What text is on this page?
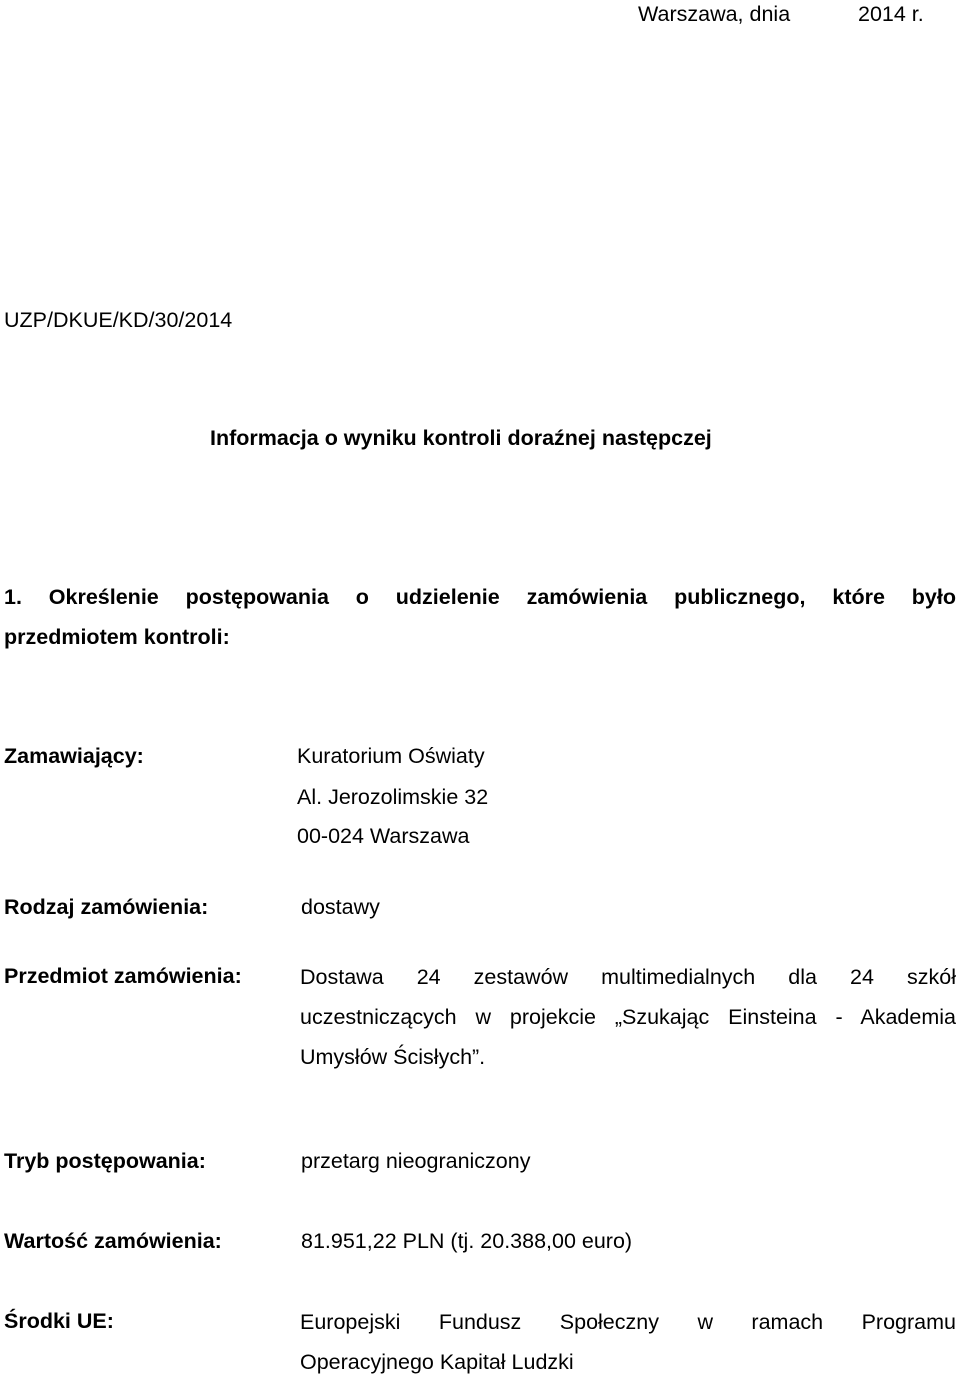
Warszawa, dnia	2014 r.
UZP/DKUE/KD/30/2014
Informacja o wyniku kontroli doraźnej następczej
1. Określenie postępowania o udzielenie zamówienia publicznego, które było
przedmiotem kontroli:
Zamawiający:	Kuratorium Oświaty
Al. Jerozolimskie 32
00-024 Warszawa
Rodzaj zamówienia:	dostawy
Przedmiot zamówienia:	Dostawa 24 zestawów multimedialnych dla 24 szkół
uczestniczących w projekcie „Szukając Einsteina - Akademia
Umysłów Ścisłych”.
Tryb postępowania:	przetarg nieograniczony
Wartość zamówienia:	81.951,22 PLN (tj. 20.388,00 euro)
Środki UE:	Europejski Fundusz Społeczny w ramach Programu
Operacyjnego Kapitał Ludzki
